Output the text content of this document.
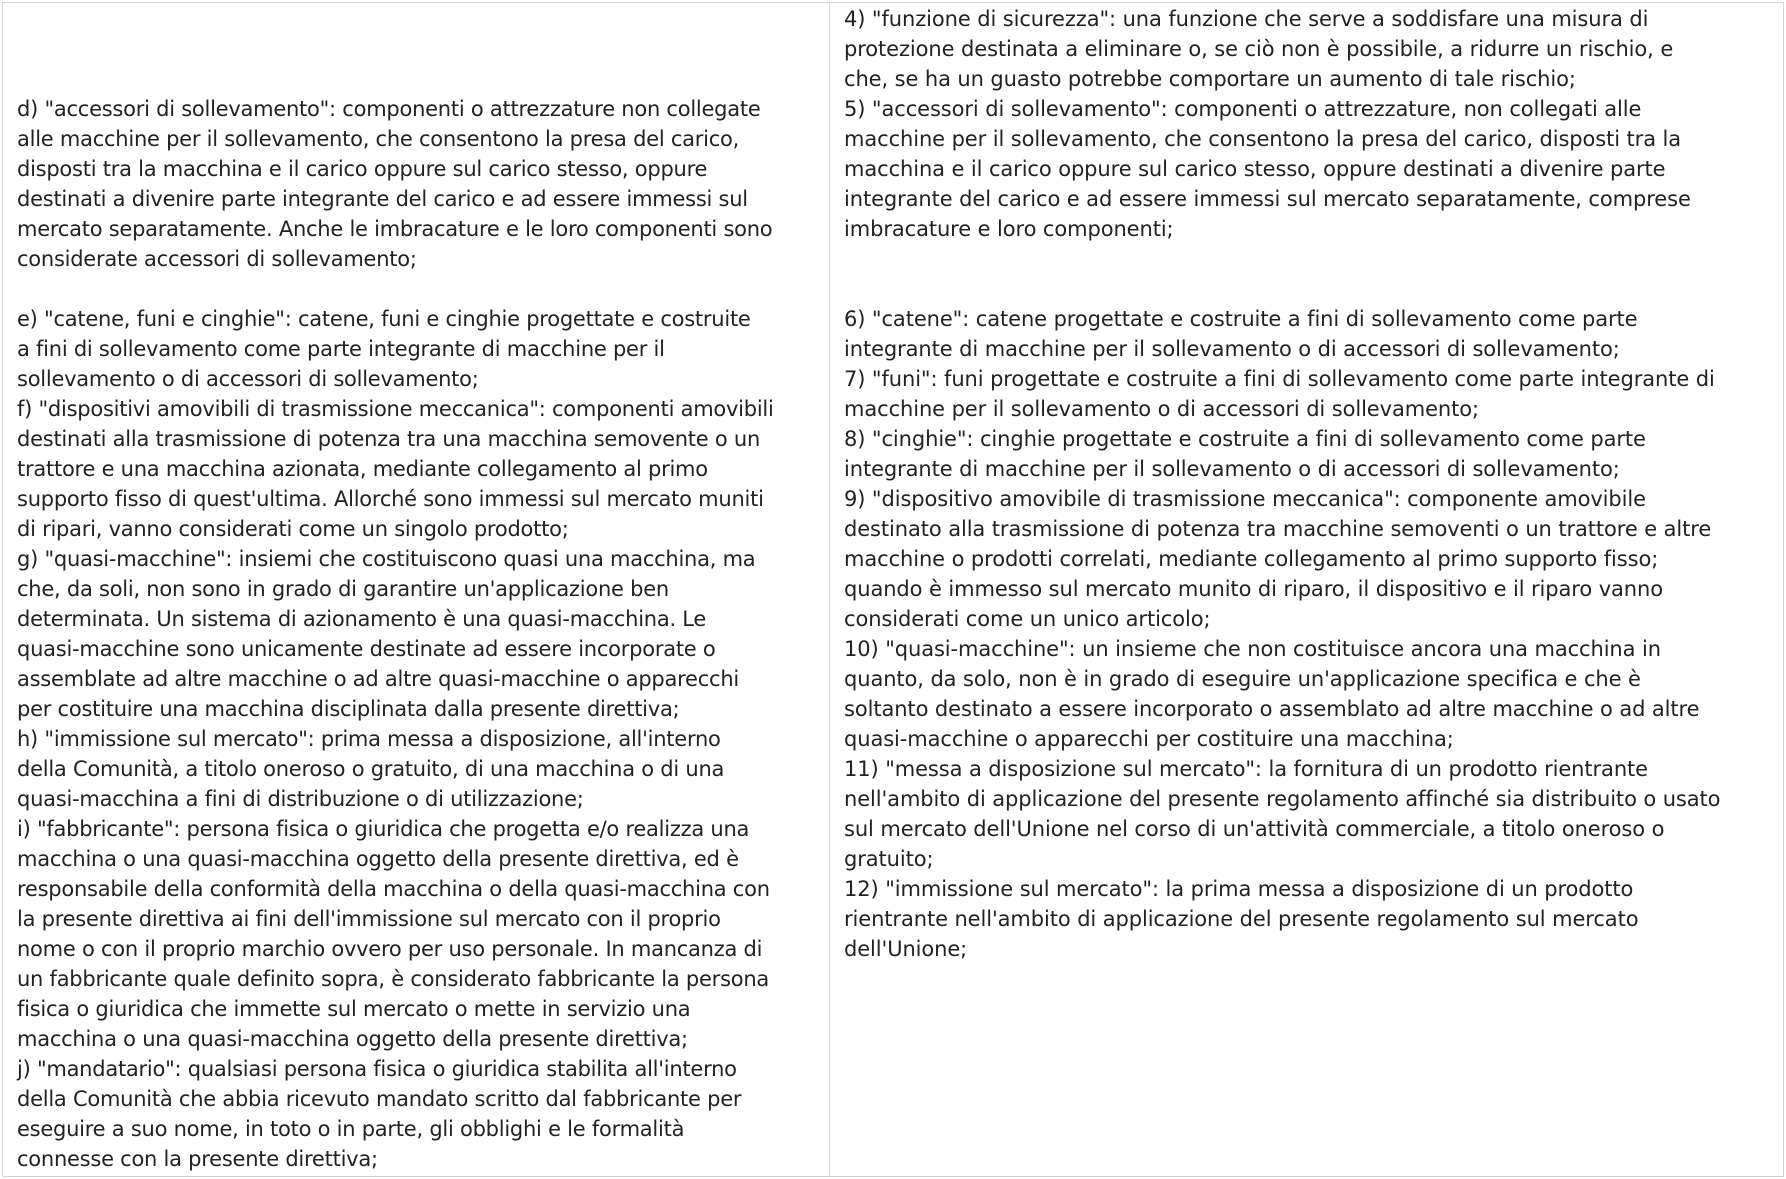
d) "accessori di sollevamento": componenti o attrezzature non collegate
alle macchine per il sollevamento, che consentono la presa del carico,
disposti tra la macchina e il carico oppure sul carico stesso, oppure
destinati a divenire parte integrante del carico e ad essere immessi sul
mercato separatamente. Anche le imbracature e le loro componenti sono
considerate accessori di sollevamento;
e) "catene, funi e cinghie": catene, funi e cinghie progettate e costruite
a fini di sollevamento come parte integrante di macchine per il
sollevamento o di accessori di sollevamento;
f) "dispositivi amovibili di trasmissione meccanica": componenti amovibili
destinati alla trasmissione di potenza tra una macchina semovente o un
trattore e una macchina azionata, mediante collegamento al primo
supporto fisso di quest'ultima. Allorché sono immessi sul mercato muniti
di ripari, vanno considerati come un singolo prodotto;
g) "quasi-macchine": insiemi che costituiscono quasi una macchina, ma
che, da soli, non sono in grado di garantire un'applicazione ben
determinata. Un sistema di azionamento è una quasi-macchina. Le
quasi-macchine sono unicamente destinate ad essere incorporate o
assemblate ad altre macchine o ad altre quasi-macchine o apparecchi
per costituire una macchina disciplinata dalla presente direttiva;
h) "immissione sul mercato": prima messa a disposizione, all'interno
della Comunità, a titolo oneroso o gratuito, di una macchina o di una
quasi-macchina a fini di distribuzione o di utilizzazione;
i) "fabbricante": persona fisica o giuridica che progetta e/o realizza una
macchina o una quasi-macchina oggetto della presente direttiva, ed è
responsabile della conformità della macchina o della quasi-macchina con
la presente direttiva ai fini dell'immissione sul mercato con il proprio
nome o con il proprio marchio ovvero per uso personale. In mancanza di
un fabbricante quale definito sopra, è considerato fabbricante la persona
fisica o giuridica che immette sul mercato o mette in servizio una
macchina o una quasi-macchina oggetto della presente direttiva;
j) "mandatario": qualsiasi persona fisica o giuridica stabilita all'interno
della Comunità che abbia ricevuto mandato scritto dal fabbricante per
eseguire a suo nome, in toto o in parte, gli obblighi e le formalità
connesse con la presente direttiva;
4) "funzione di sicurezza": una funzione che serve a soddisfare una misura di
protezione destinata a eliminare o, se ciò non è possibile, a ridurre un rischio, e
che, se ha un guasto potrebbe comportare un aumento di tale rischio;
5) "accessori di sollevamento": componenti o attrezzature, non collegati alle
macchine per il sollevamento, che consentono la presa del carico, disposti tra la
macchina e il carico oppure sul carico stesso, oppure destinati a divenire parte
integrante del carico e ad essere immessi sul mercato separatamente, comprese
imbracature e loro componenti;
6) "catene": catene progettate e costruite a fini di sollevamento come parte
integrante di macchine per il sollevamento o di accessori di sollevamento;
7) "funi": funi progettate e costruite a fini di sollevamento come parte integrante di
macchine per il sollevamento o di accessori di sollevamento;
8) "cinghie": cinghie progettate e costruite a fini di sollevamento come parte
integrante di macchine per il sollevamento o di accessori di sollevamento;
9) "dispositivo amovibile di trasmissione meccanica": componente amovibile
destinato alla trasmissione di potenza tra macchine semoventi o un trattore e altre
macchine o prodotti correlati, mediante collegamento al primo supporto fisso;
quando è immesso sul mercato munito di riparo, il dispositivo e il riparo vanno
considerati come un unico articolo;
10) "quasi-macchine": un insieme che non costituisce ancora una macchina in
quanto, da solo, non è in grado di eseguire un'applicazione specifica e che è
soltanto destinato a essere incorporato o assemblato ad altre macchine o ad altre
quasi-macchine o apparecchi per costituire una macchina;
11) "messa a disposizione sul mercato": la fornitura di un prodotto rientrante
nell'ambito di applicazione del presente regolamento affinché sia distribuito o usato
sul mercato dell'Unione nel corso di un'attività commerciale, a titolo oneroso o
gratuito;
12) "immissione sul mercato": la prima messa a disposizione di un prodotto
rientrante nell'ambito di applicazione del presente regolamento sul mercato
dell'Unione;
